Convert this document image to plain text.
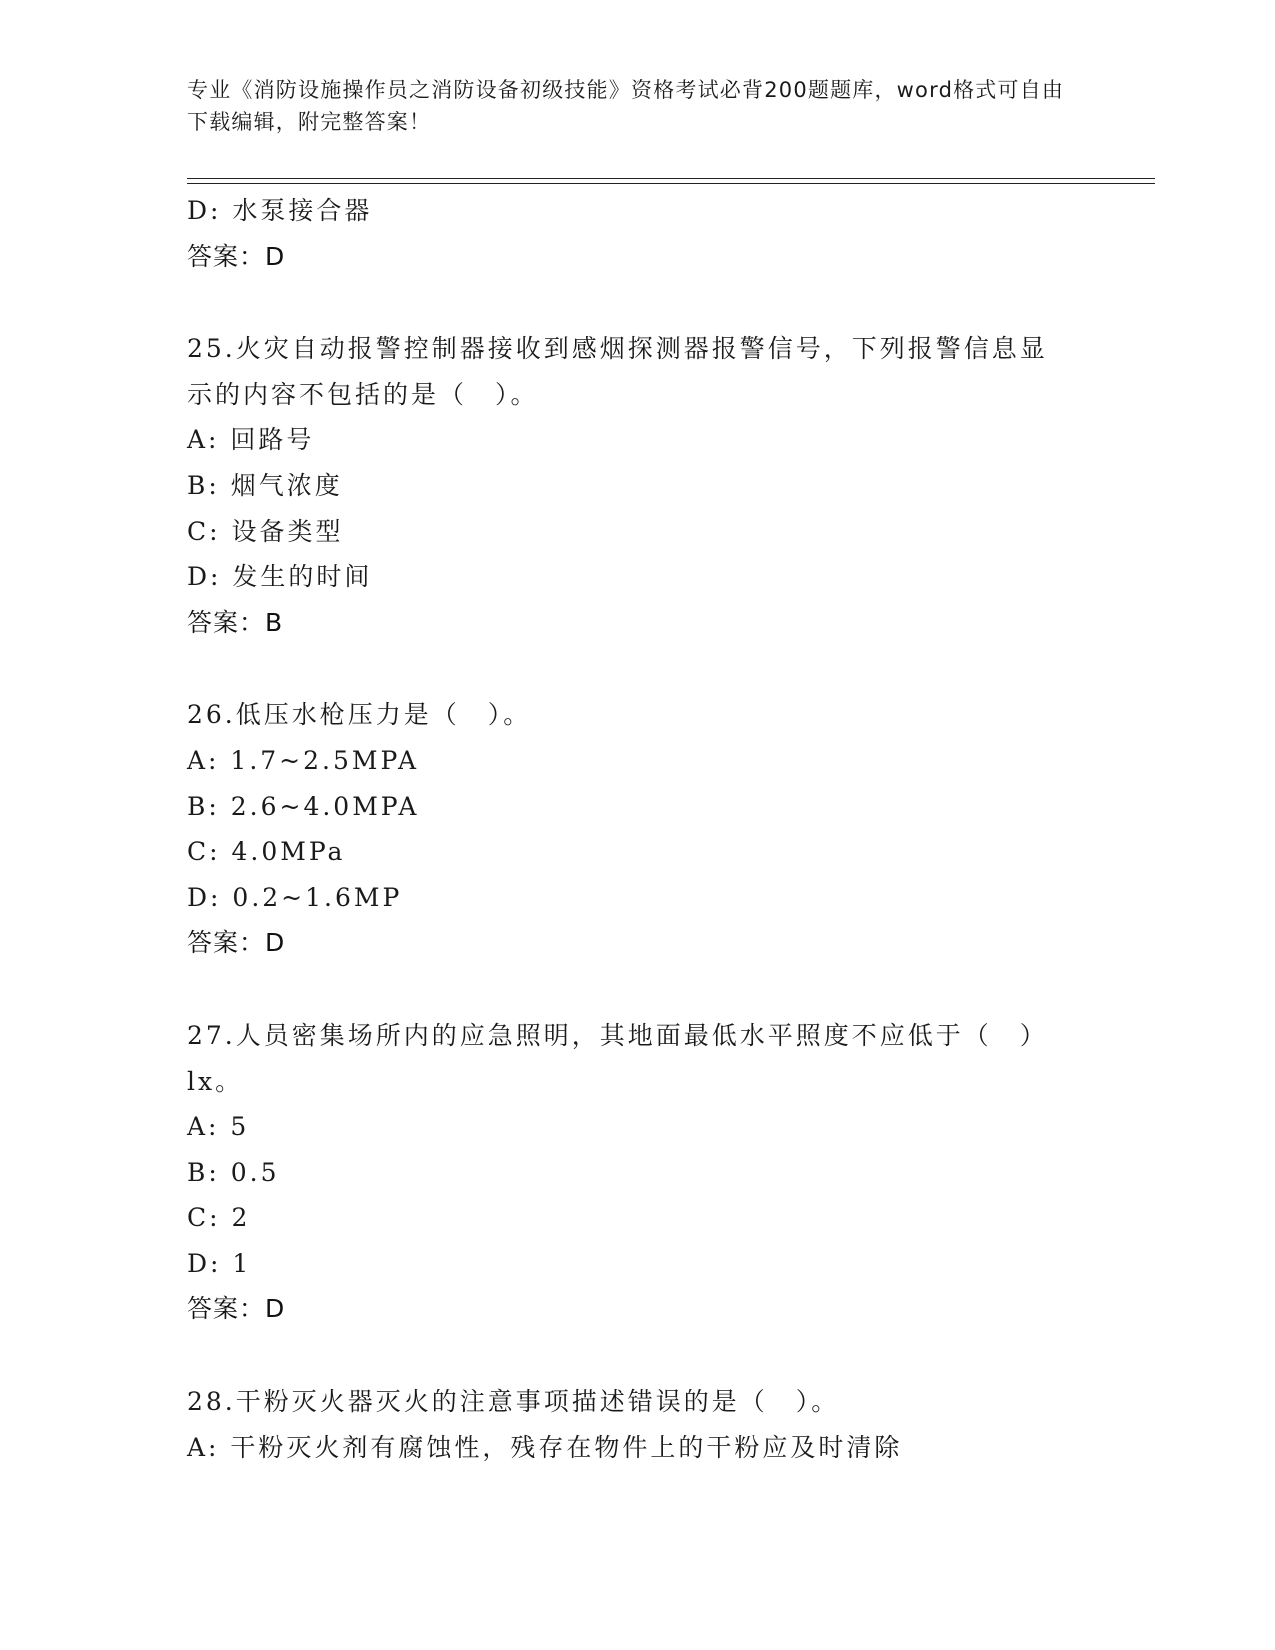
专业《消防设施操作员之消防设备初级技能》资格考试必背200题题库，word格式可自由下载编辑，附完整答案！
D: 水泵接合器
答案：D
25.火灾自动报警控制器接收到感烟探测器报警信号，下列报警信息显示的内容不包括的是（　）。
A: 回路号
B: 烟气浓度
C: 设备类型
D: 发生的时间
答案：B
26.低压水枪压力是（　）。
A: 1.7~2.5MPA
B: 2.6~4.0MPA
C: 4.0MPa
D: 0.2~1.6MP
答案：D
27.人员密集场所内的应急照明，其地面最低水平照度不应低于（　）lx。
A: 5
B: 0.5
C: 2
D: 1
答案：D
28.干粉灭火器灭火的注意事项描述错误的是（　）。
A: 干粉灭火剂有腐蚀性，残存在物件上的干粉应及时清除
